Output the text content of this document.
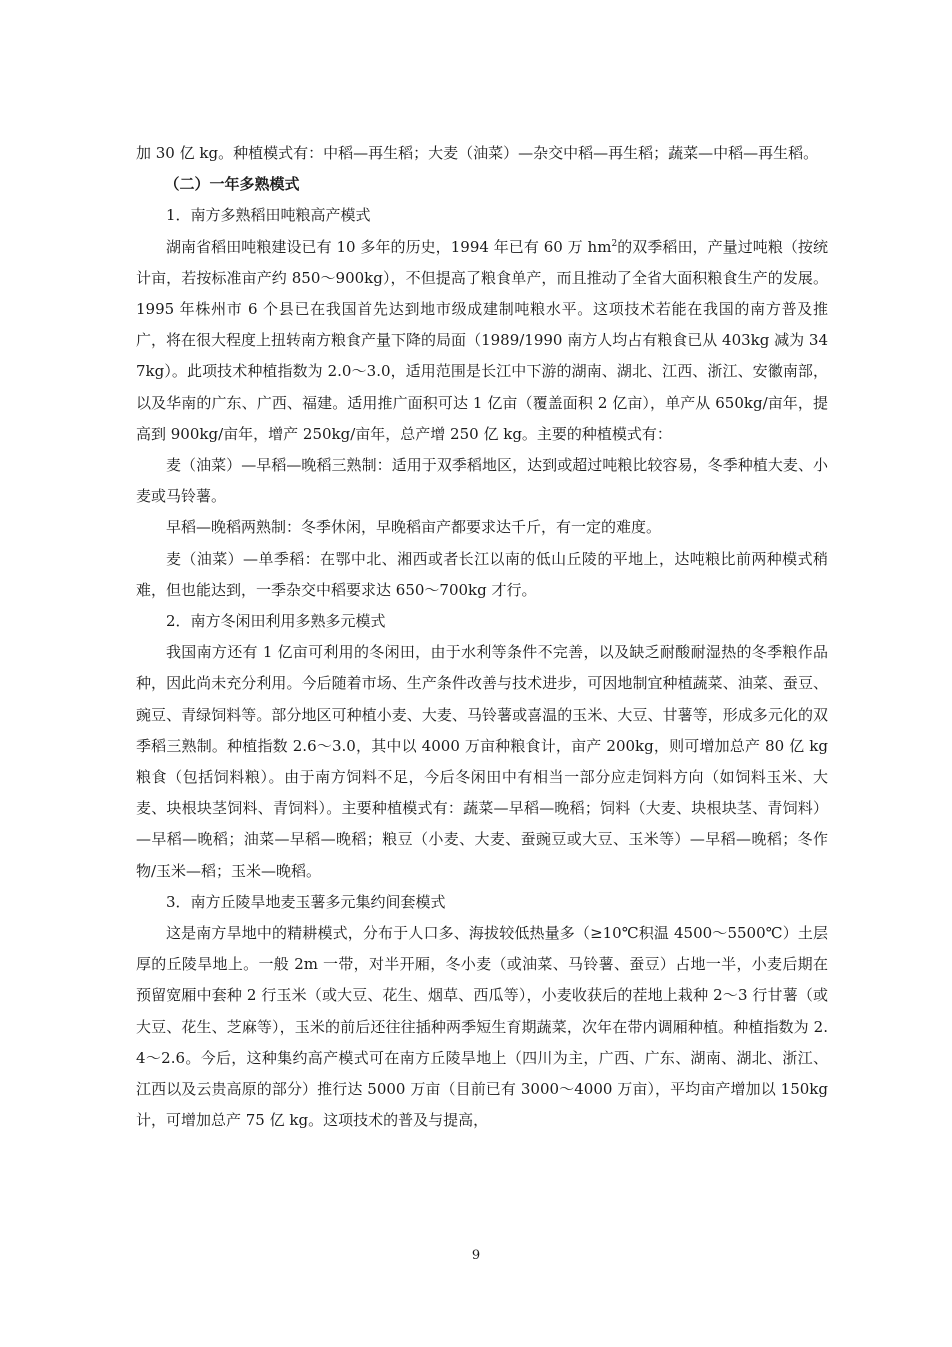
加 30 亿 kg。种植模式有：中稻—再生稻；大麦（油菜）—杂交中稻—再生稻；蔬菜—中稻—再生稻。

（二）一年多熟模式

1．南方多熟稻田吨粮高产模式

湖南省稻田吨粮建设已有 10 多年的历史，1994 年已有 60 万 $hm^2$的双季稻田，产量过吨粮（按统计亩，若按标准亩产约 850～900kg），不但提高了粮食单产，而且推动了全省大面积粮食生产的发展。1995 年株州市 6 个县已在我国首先达到地市级成建制吨粮水平。这项技术若能在我国的南方普及推广，将在很大程度上扭转南方粮食产量下降的局面（1989/1990 南方人均占有粮食已从 403kg 减为 347kg）。此项技术种植指数为 2.0～3.0，适用范围是长江中下游的湖南、湖北、江西、浙江、安徽南部，以及华南的广东、广西、福建。适用推广面积可达 1 亿亩（覆盖面积 2 亿亩），单产从 650kg/亩年，提高到 900kg/亩年，增产 250kg/亩年，总产增 250 亿 kg。主要的种植模式有：

麦（油菜）—早稻—晚稻三熟制：适用于双季稻地区，达到或超过吨粮比较容易，冬季种植大麦、小麦或马铃薯。

早稻—晚稻两熟制：冬季休闲，早晚稻亩产都要求达千斤，有一定的难度。

麦（油菜）—单季稻：在鄂中北、湘西或者长江以南的低山丘陵的平地上，达吨粮比前两种模式稍难，但也能达到，一季杂交中稻要求达 650～700kg 才行。

2．南方冬闲田利用多熟多元模式

我国南方还有 1 亿亩可利用的冬闲田，由于水利等条件不完善，以及缺乏耐酸耐湿热的冬季粮作品种，因此尚未充分利用。今后随着市场、生产条件改善与技术进步，可因地制宜种植蔬菜、油菜、蚕豆、豌豆、青绿饲料等。部分地区可种植小麦、大麦、马铃薯或喜温的玉米、大豆、甘薯等，形成多元化的双季稻三熟制。种植指数 2.6～3.0，其中以 4000 万亩种粮食计，亩产 200kg，则可增加总产 80 亿 kg 粮食（包括饲料粮）。由于南方饲料不足，今后冬闲田中有相当一部分应走饲料方向（如饲料玉米、大麦、块根块茎饲料、青饲料）。主要种植模式有：蔬菜—早稻—晚稻；饲料（大麦、块根块茎、青饲料）—早稻—晚稻；油菜—早稻—晚稻；粮豆（小麦、大麦、蚕豌豆或大豆、玉米等）—早稻—晚稻；冬作物/玉米—稻；玉米—晚稻。

3．南方丘陵旱地麦玉薯多元集约间套模式

这是南方旱地中的精耕模式，分布于人口多、海拔较低热量多（≥10℃积温 4500～5500℃）土层厚的丘陵旱地上。一般 2m 一带，对半开厢，冬小麦（或油菜、马铃薯、蚕豆）占地一半，小麦后期在预留宽厢中套种 2 行玉米（或大豆、花生、烟草、西瓜等），小麦收获后的茬地上栽种 2～3 行甘薯（或大豆、花生、芝麻等），玉米的前后还往往插种两季短生育期蔬菜，次年在带内调厢种植。种植指数为 2.4～2.6。今后，这种集约高产模式可在南方丘陵旱地上（四川为主，广西、广东、湖南、湖北、浙江、江西以及云贵高原的部分）推行达 5000 万亩（目前已有 3000～4000 万亩），平均亩产增加以 150kg 计，可增加总产 75 亿 kg。这项技术的普及与提高，

9
